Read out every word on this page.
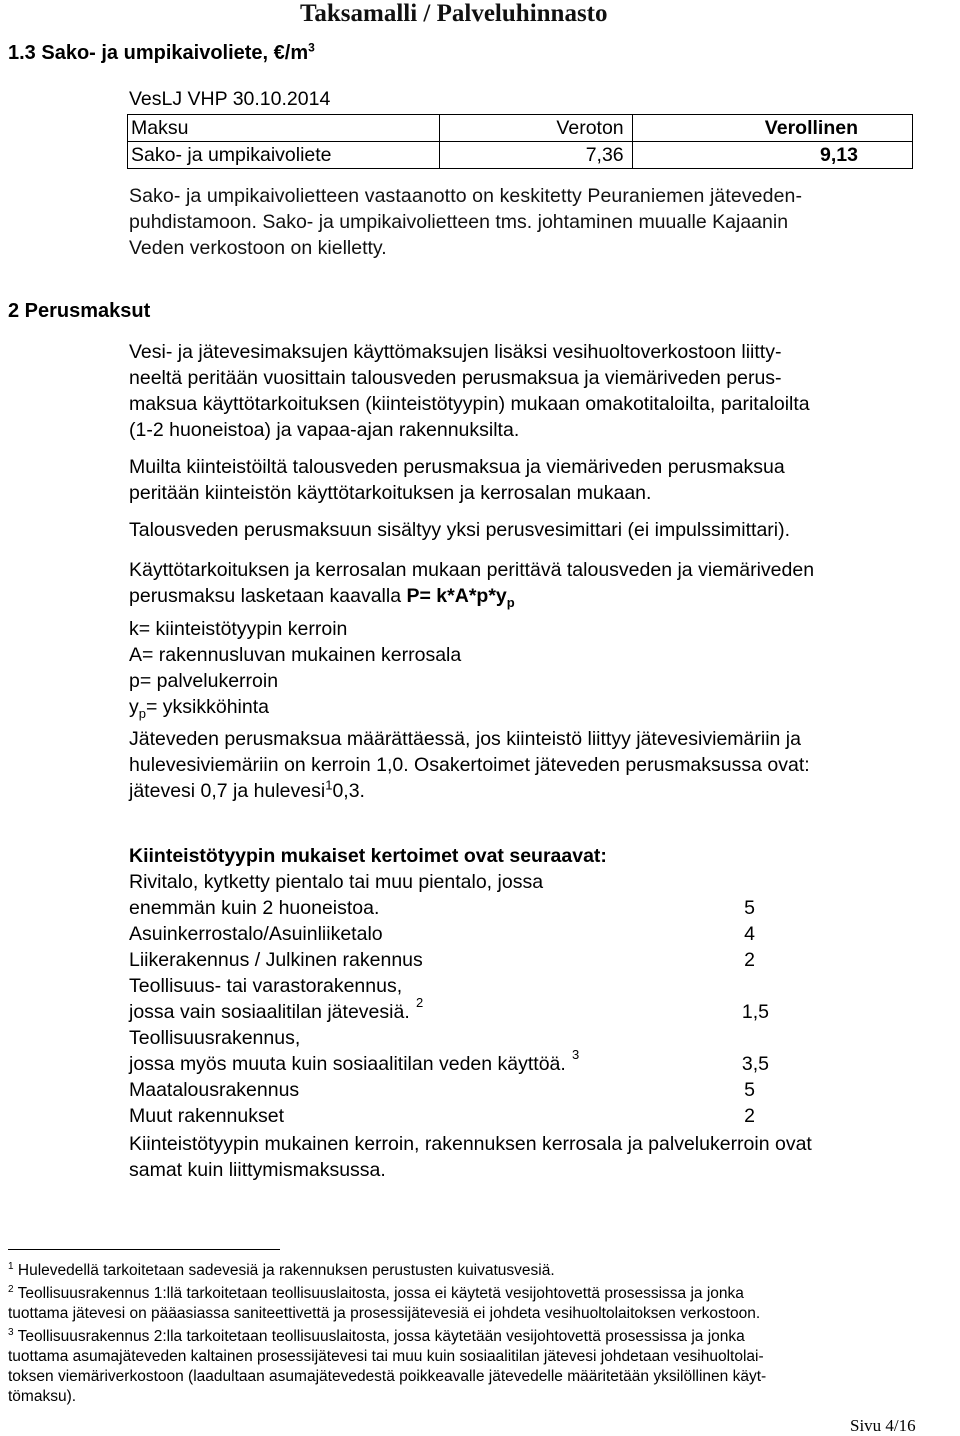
Taksamalli / Palveluhinnasto
1.3 Sako- ja umpikaivoliete, $€/m^3$
VesLJ VHP 30.10.2014
Maksu	Veroton	Verollinen
Sako- ja umpikaivoliete	7,36	9,13
Sako- ja umpikaivolietteen vastaanotto on keskitetty Peuraniemen jäteveden-
puhdistamoon. Sako- ja umpikaivolietteen tms. johtaminen muualle Kajaanin
Veden verkostoon on kielletty.
2 Perusmaksut
Vesi- ja jätevesimaksujen käyttömaksujen lisäksi vesihuoltoverkostoon liitty-
neeltä peritään vuosittain talousveden perusmaksua ja viemäriveden perus-
maksua käyttötarkoituksen (kiinteistötyypin) mukaan omakotitaloilta, paritaloilta
(1-2 huoneistoa) ja vapaa-ajan rakennuksilta.
Muilta kiinteistöiltä talousveden perusmaksua ja viemäriveden perusmaksua
peritään kiinteistön käyttötarkoituksen ja kerrosalan mukaan.
Talousveden perusmaksuun sisältyy yksi perusvesimittari (ei impulssimittari).
Käyttötarkoituksen ja kerrosalan mukaan perittävä talousveden ja viemäriveden
perusmaksu lasketaan kaavalla $P= k*A*p*y_p$
k= kiinteistötyypin kerroin
A= rakennusluvan mukainen kerrosala
p= palvelukerroin
$y_p=$ yksikköhinta
Jäteveden perusmaksua määrättäessä, jos kiinteistö liittyy jätevesiviemäriin ja
hulevesiviemäriin on kerroin 1,0. Osakertoimet jäteveden perusmaksussa ovat:
jätevesi 0,7 ja hulevesi$^1$0,3.
Kiinteistötyypin mukaiset kertoimet ovat seuraavat:
Rivitalo, kytketty pientalo tai muu pientalo, jossa
enemmän kuin 2 huoneistoa.	5
Asuinkerrostalo/Asuinliiketalo	4
Liikerakennus / Julkinen rakennus	2
Teollisuus- tai varastorakennus,
jossa vain sosiaalitilan jätevesiä. 2	1,5
Teollisuusrakennus,
jossa myös muuta kuin sosiaalitilan veden käyttöä. 3	3,5
Maatalousrakennus	5
Muut rakennukset	2
Kiinteistötyypin mukainen kerroin, rakennuksen kerrosala ja palvelukerroin ovat
samat kuin liittymismaksussa.
$^1$ Hulevedellä tarkoitetaan sadevesiä ja rakennuksen perustusten kuivatusvesiä.
$^2$ Teollisuusrakennus 1:llä tarkoitetaan teollisuuslaitosta, jossa ei käytetä vesijohtovettä prosessissa ja jonka
tuottama jätevesi on pääasiassa saniteettivettä ja prosessijätevesiä ei johdeta vesihuoltolaitoksen verkostoon.
$^3$ Teollisuusrakennus 2:lla tarkoitetaan teollisuuslaitosta, jossa käytetään vesijohtovettä prosessissa ja jonka
tuottama asumajäteveden kaltainen prosessijätevesi tai muu kuin sosiaalitilan jätevesi johdetaan vesihuoltolai-
toksen viemäriverkostoon (laadultaan asumajätevedestä poikkeavalle jätevedelle määritetään yksilöllinen käyt-
tömaksu).
Sivu 4/16
